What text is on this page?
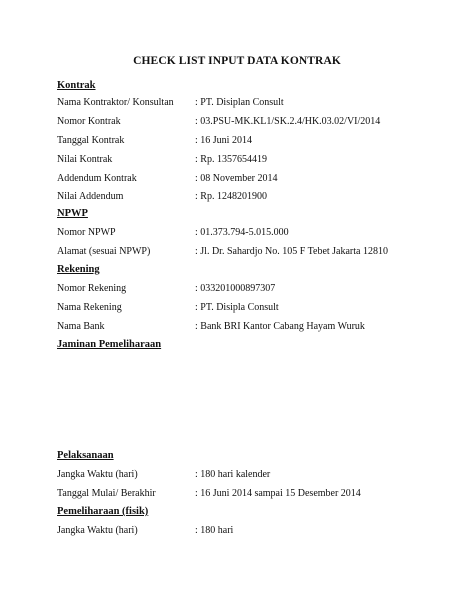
CHECK LIST INPUT DATA KONTRAK
Kontrak
Nama Kontraktor/ Konsultan : PT. Disiplan Consult
Nomor Kontrak	: 03.PSU-MK.KL1/SK.2.4/HK.03.02/VI/2014
Tanggal Kontrak	: 16 Juni 2014
Nilai Kontrak	: Rp. 1357654419
Addendum Kontrak	: 08 November 2014
Nilai Addendum	: Rp. 1248201900
NPWP
Nomor NPWP	: 01.373.794-5.015.000
Alamat (sesuai NPWP)	: Jl. Dr. Sahardjo No. 105 F Tebet Jakarta 12810
Rekening
Nomor Rekening	: 033201000897307
Nama Rekening	: PT. Disipla Consult
Nama Bank	: Bank BRI Kantor Cabang Hayam Wuruk
Jaminan Pemeliharaan
Pelaksanaan
Jangka Waktu (hari)	: 180 hari kalender
Tanggal Mulai/ Berakhir	: 16 Juni 2014 sampai 15 Desember 2014
Pemeliharaan (fisik)
Jangka Waktu (hari)	: 180 hari
